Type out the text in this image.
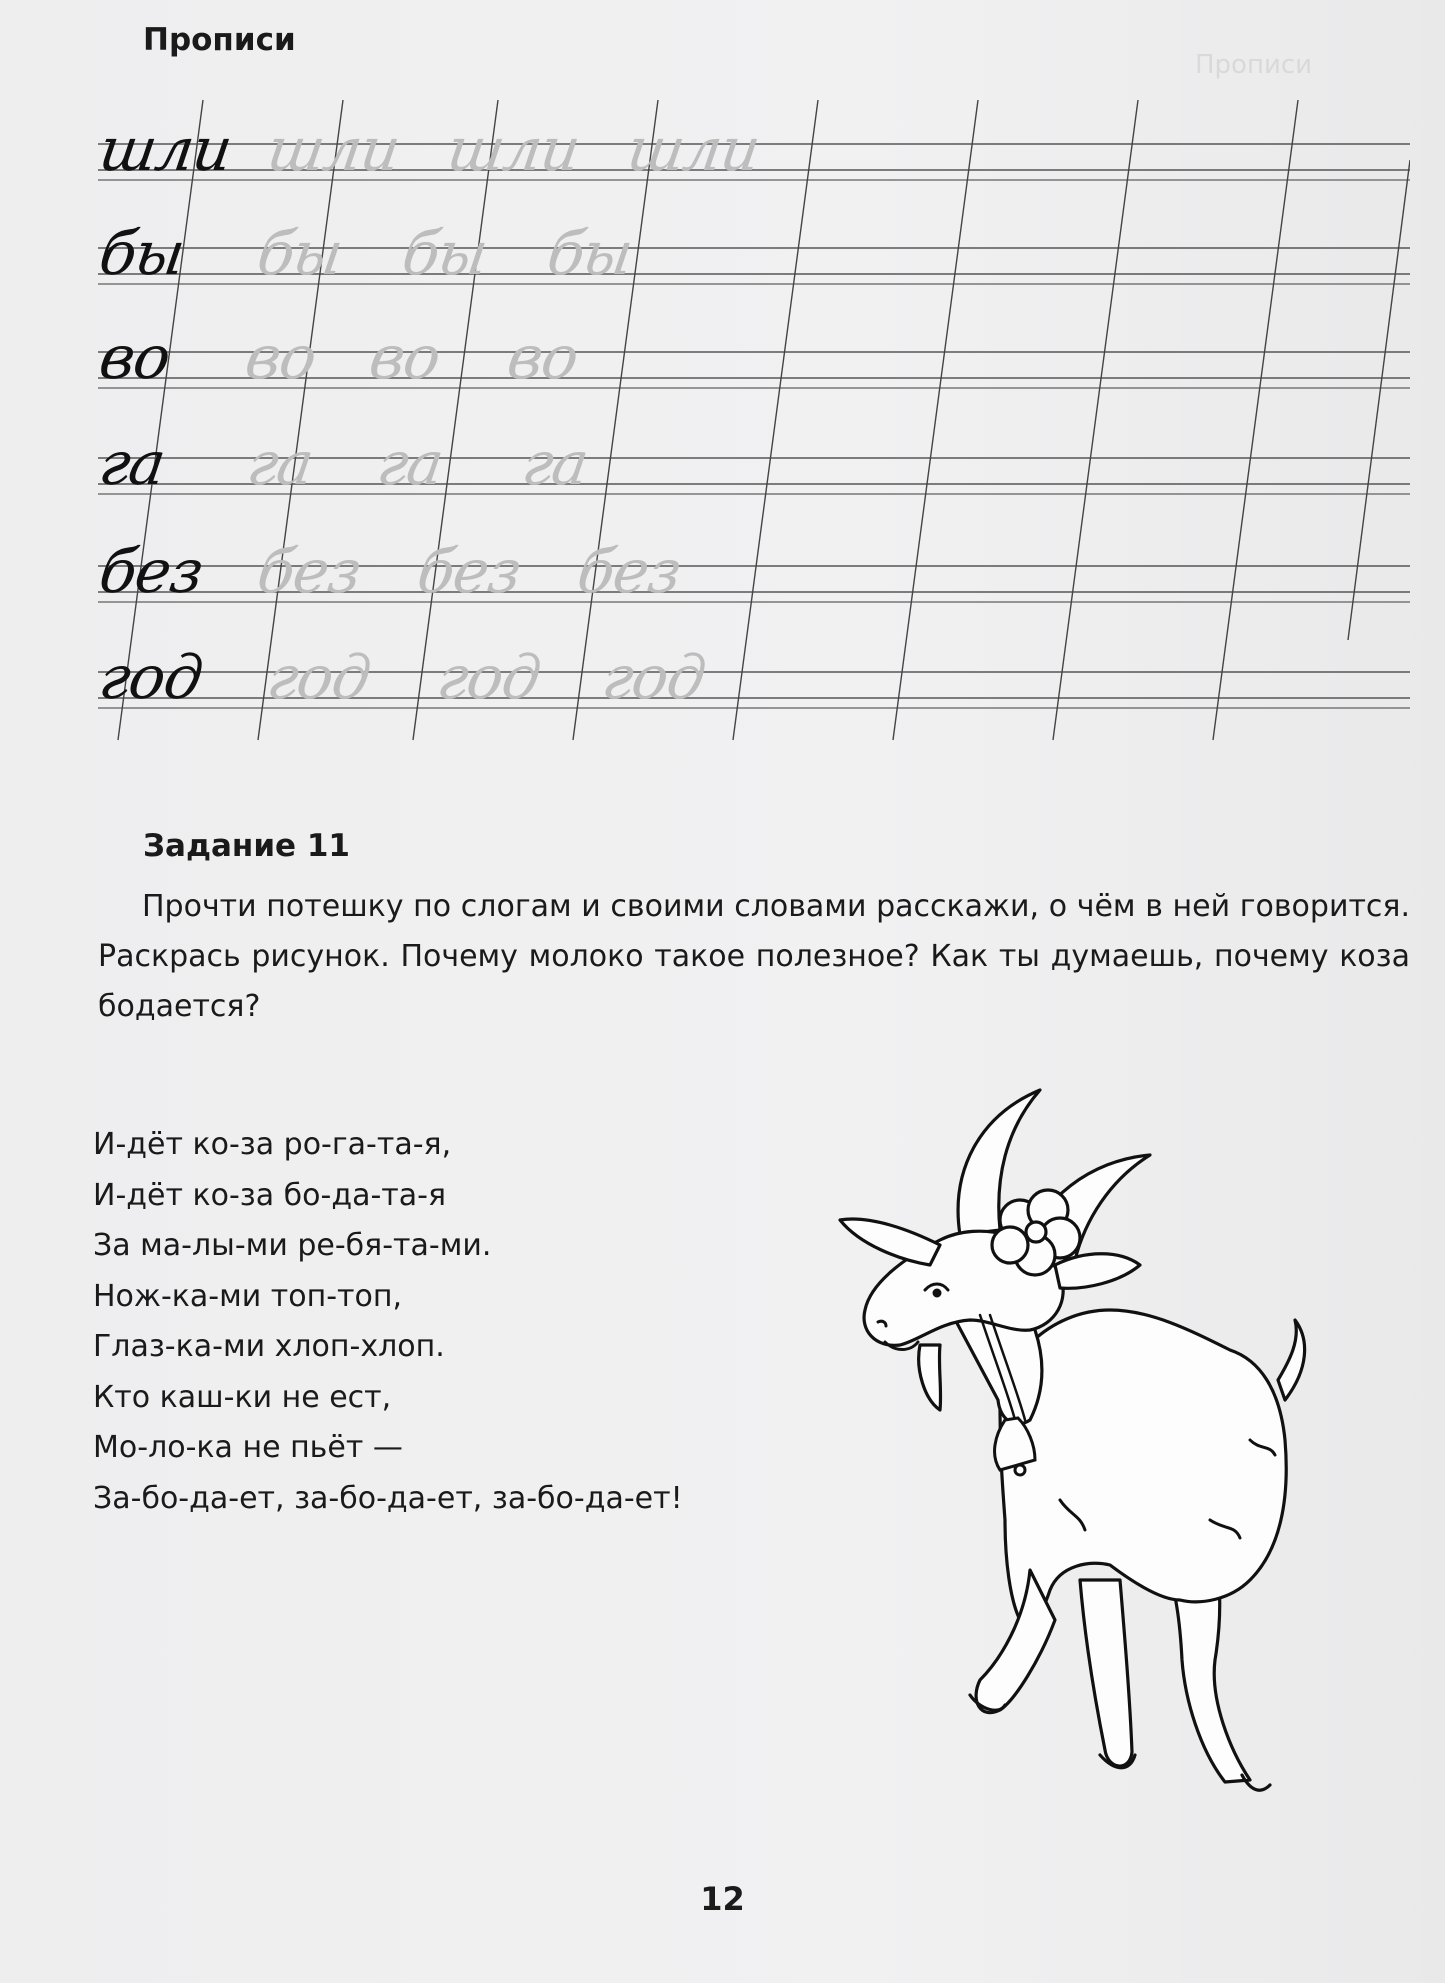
Прописи
Прописи
шли шли шли шли
бы бы бы бы
во во во во
га га га га
без без без без
год год год год
Задание 11
Прочти потешку по слогам и своими словами расскажи, о чём в ней говорится. Раскрась рисунок. Почему молоко такое полезное? Как ты думаешь, почему коза бодается?
И-дёт ко-за ро-га-та-я,
И-дёт ко-за бо-да-та-я
За ма-лы-ми ре-бя-та-ми.
Нож-ка-ми топ-топ,
Глаз-ка-ми хлоп-хлоп.
Кто каш-ки не ест,
Мо-ло-ка не пьёт —
За-бо-да-ет, за-бо-да-ет, за-бо-да-ет!
12
